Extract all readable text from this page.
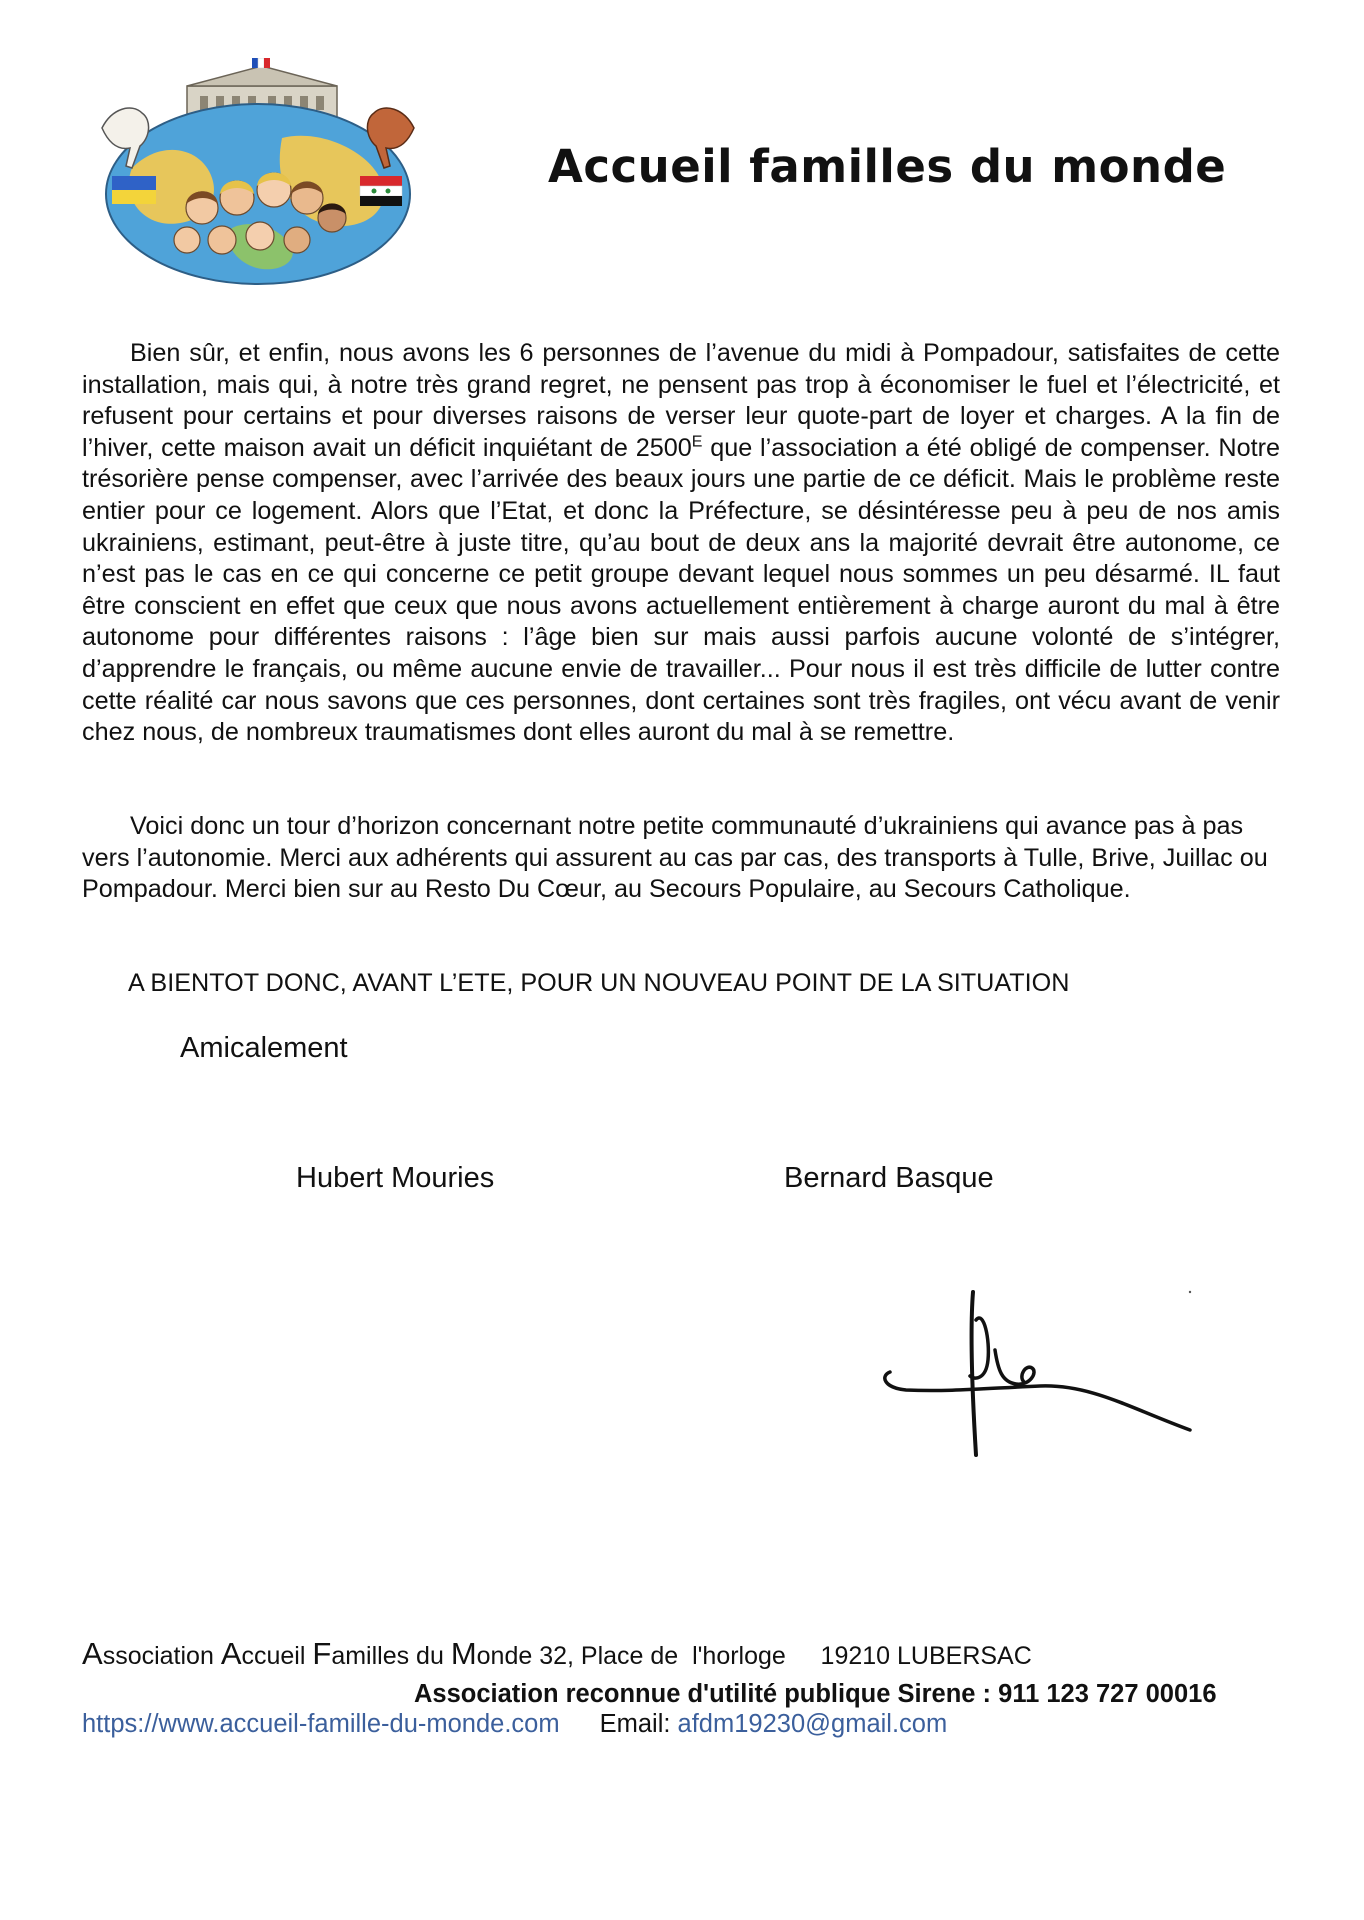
Accueil familles du monde

Bien sûr, et enfin, nous avons les 6 personnes de l’avenue du midi à Pompadour, satisfaites de cette installation, mais qui, à notre très grand regret, ne pensent pas trop à économiser le fuel et l’électricité, et refusent pour certains et pour diverses raisons de verser leur quote-part de loyer et charges. A la fin de l’hiver, cette maison avait un déficit inquiétant de $2500^E$ que l’association a été obligé de compenser. Notre trésorière pense compenser, avec l’arrivée des beaux jours une partie de ce déficit. Mais le problème reste entier pour ce logement. Alors que l’Etat, et donc la Préfecture, se désintéresse peu à peu de nos amis ukrainiens, estimant, peut-être à juste titre, qu’au bout de deux ans la majorité devrait être autonome, ce n’est pas le cas en ce qui concerne ce petit groupe devant lequel nous sommes un peu désarmé. IL faut être conscient en effet que ceux que nous avons actuellement entièrement à charge auront du mal à être autonome pour différentes raisons : l’âge bien sur mais aussi parfois aucune volonté de s’intégrer, d’apprendre le français, ou même aucune envie de travailler... Pour nous il est très difficile de lutter contre cette réalité car nous savons que ces personnes, dont certaines sont très fragiles, ont vécu avant de venir chez nous, de nombreux traumatismes dont elles auront du mal à se remettre.

Voici donc un tour d’horizon concernant notre petite communauté d’ukrainiens qui avance pas à pas vers l’autonomie. Merci aux adhérents qui assurent au cas par cas, des transports à Tulle, Brive, Juillac ou Pompadour. Merci bien sur au Resto Du Cœur, au Secours Populaire, au Secours Catholique.

A BIENTOT DONC, AVANT L’ETE, POUR UN NOUVEAU POINT DE LA SITUATION
Amicalement
Hubert Mouries	Bernard Basque
Association Accueil Familles du Monde 32, Place de  l'horloge     19210 LUBERSAC
Association reconnue d'utilité publique Sirene : 911 123 727 00016
https://www.accueil-famille-du-monde.com Email: afdm19230@gmail.com
